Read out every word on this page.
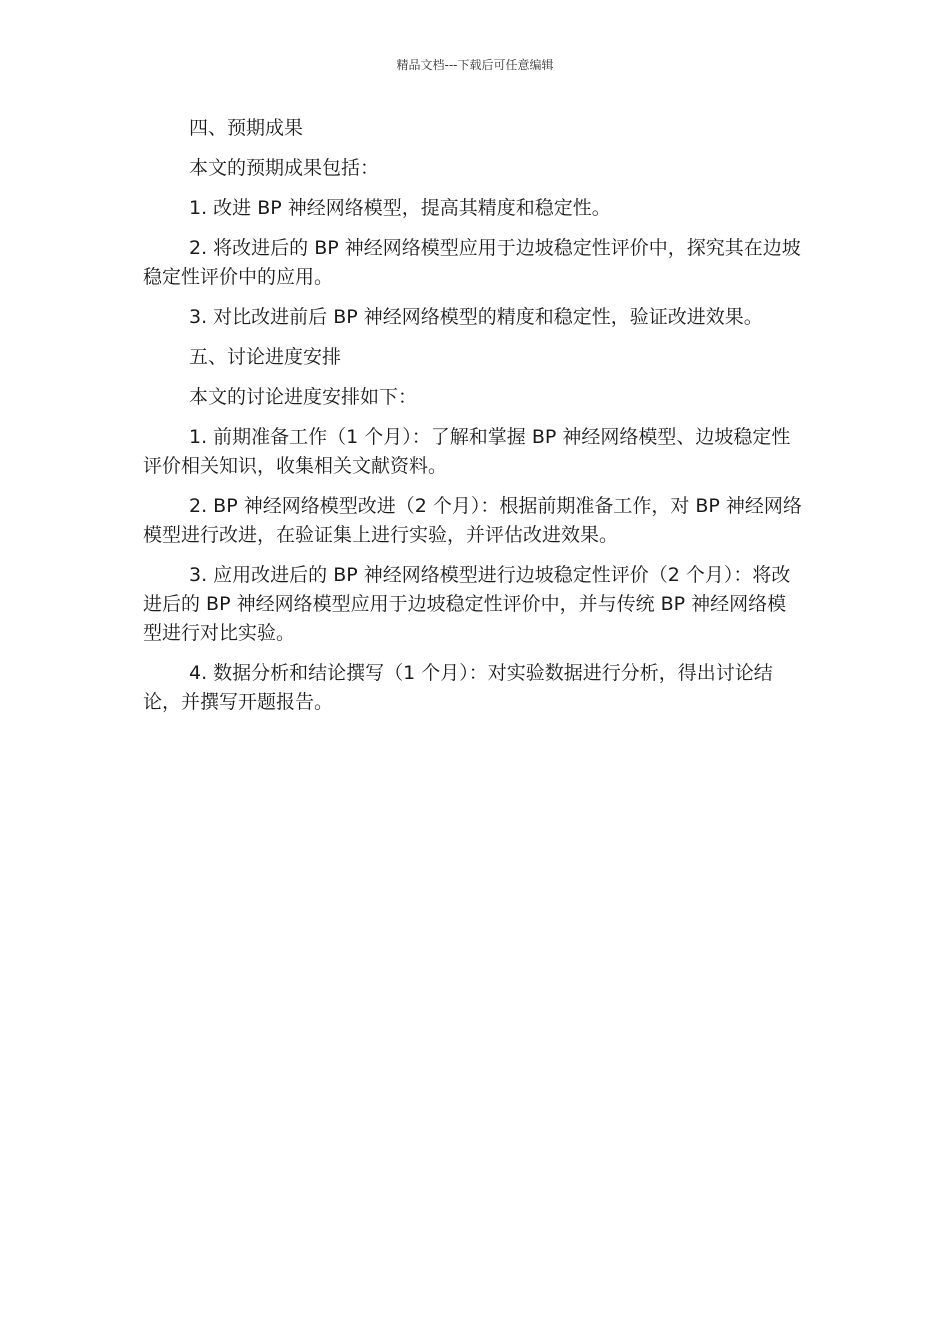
精品文档---下载后可任意编辑

四、预期成果

本文的预期成果包括：

1. 改进 BP 神经网络模型，提高其精度和稳定性。

2. 将改进后的 BP 神经网络模型应用于边坡稳定性评价中，探究其在边坡稳定性评价中的应用。

3. 对比改进前后 BP 神经网络模型的精度和稳定性，验证改进效果。

五、讨论进度安排

本文的讨论进度安排如下：

1. 前期准备工作（1 个月）：了解和掌握 BP 神经网络模型、边坡稳定性评价相关知识，收集相关文献资料。

2. BP 神经网络模型改进（2 个月）：根据前期准备工作，对 BP 神经网络模型进行改进，在验证集上进行实验，并评估改进效果。

3. 应用改进后的 BP 神经网络模型进行边坡稳定性评价（2 个月）：将改进后的 BP 神经网络模型应用于边坡稳定性评价中，并与传统 BP 神经网络模型进行对比实验。

4. 数据分析和结论撰写（1 个月）：对实验数据进行分析，得出讨论结论，并撰写开题报告。
